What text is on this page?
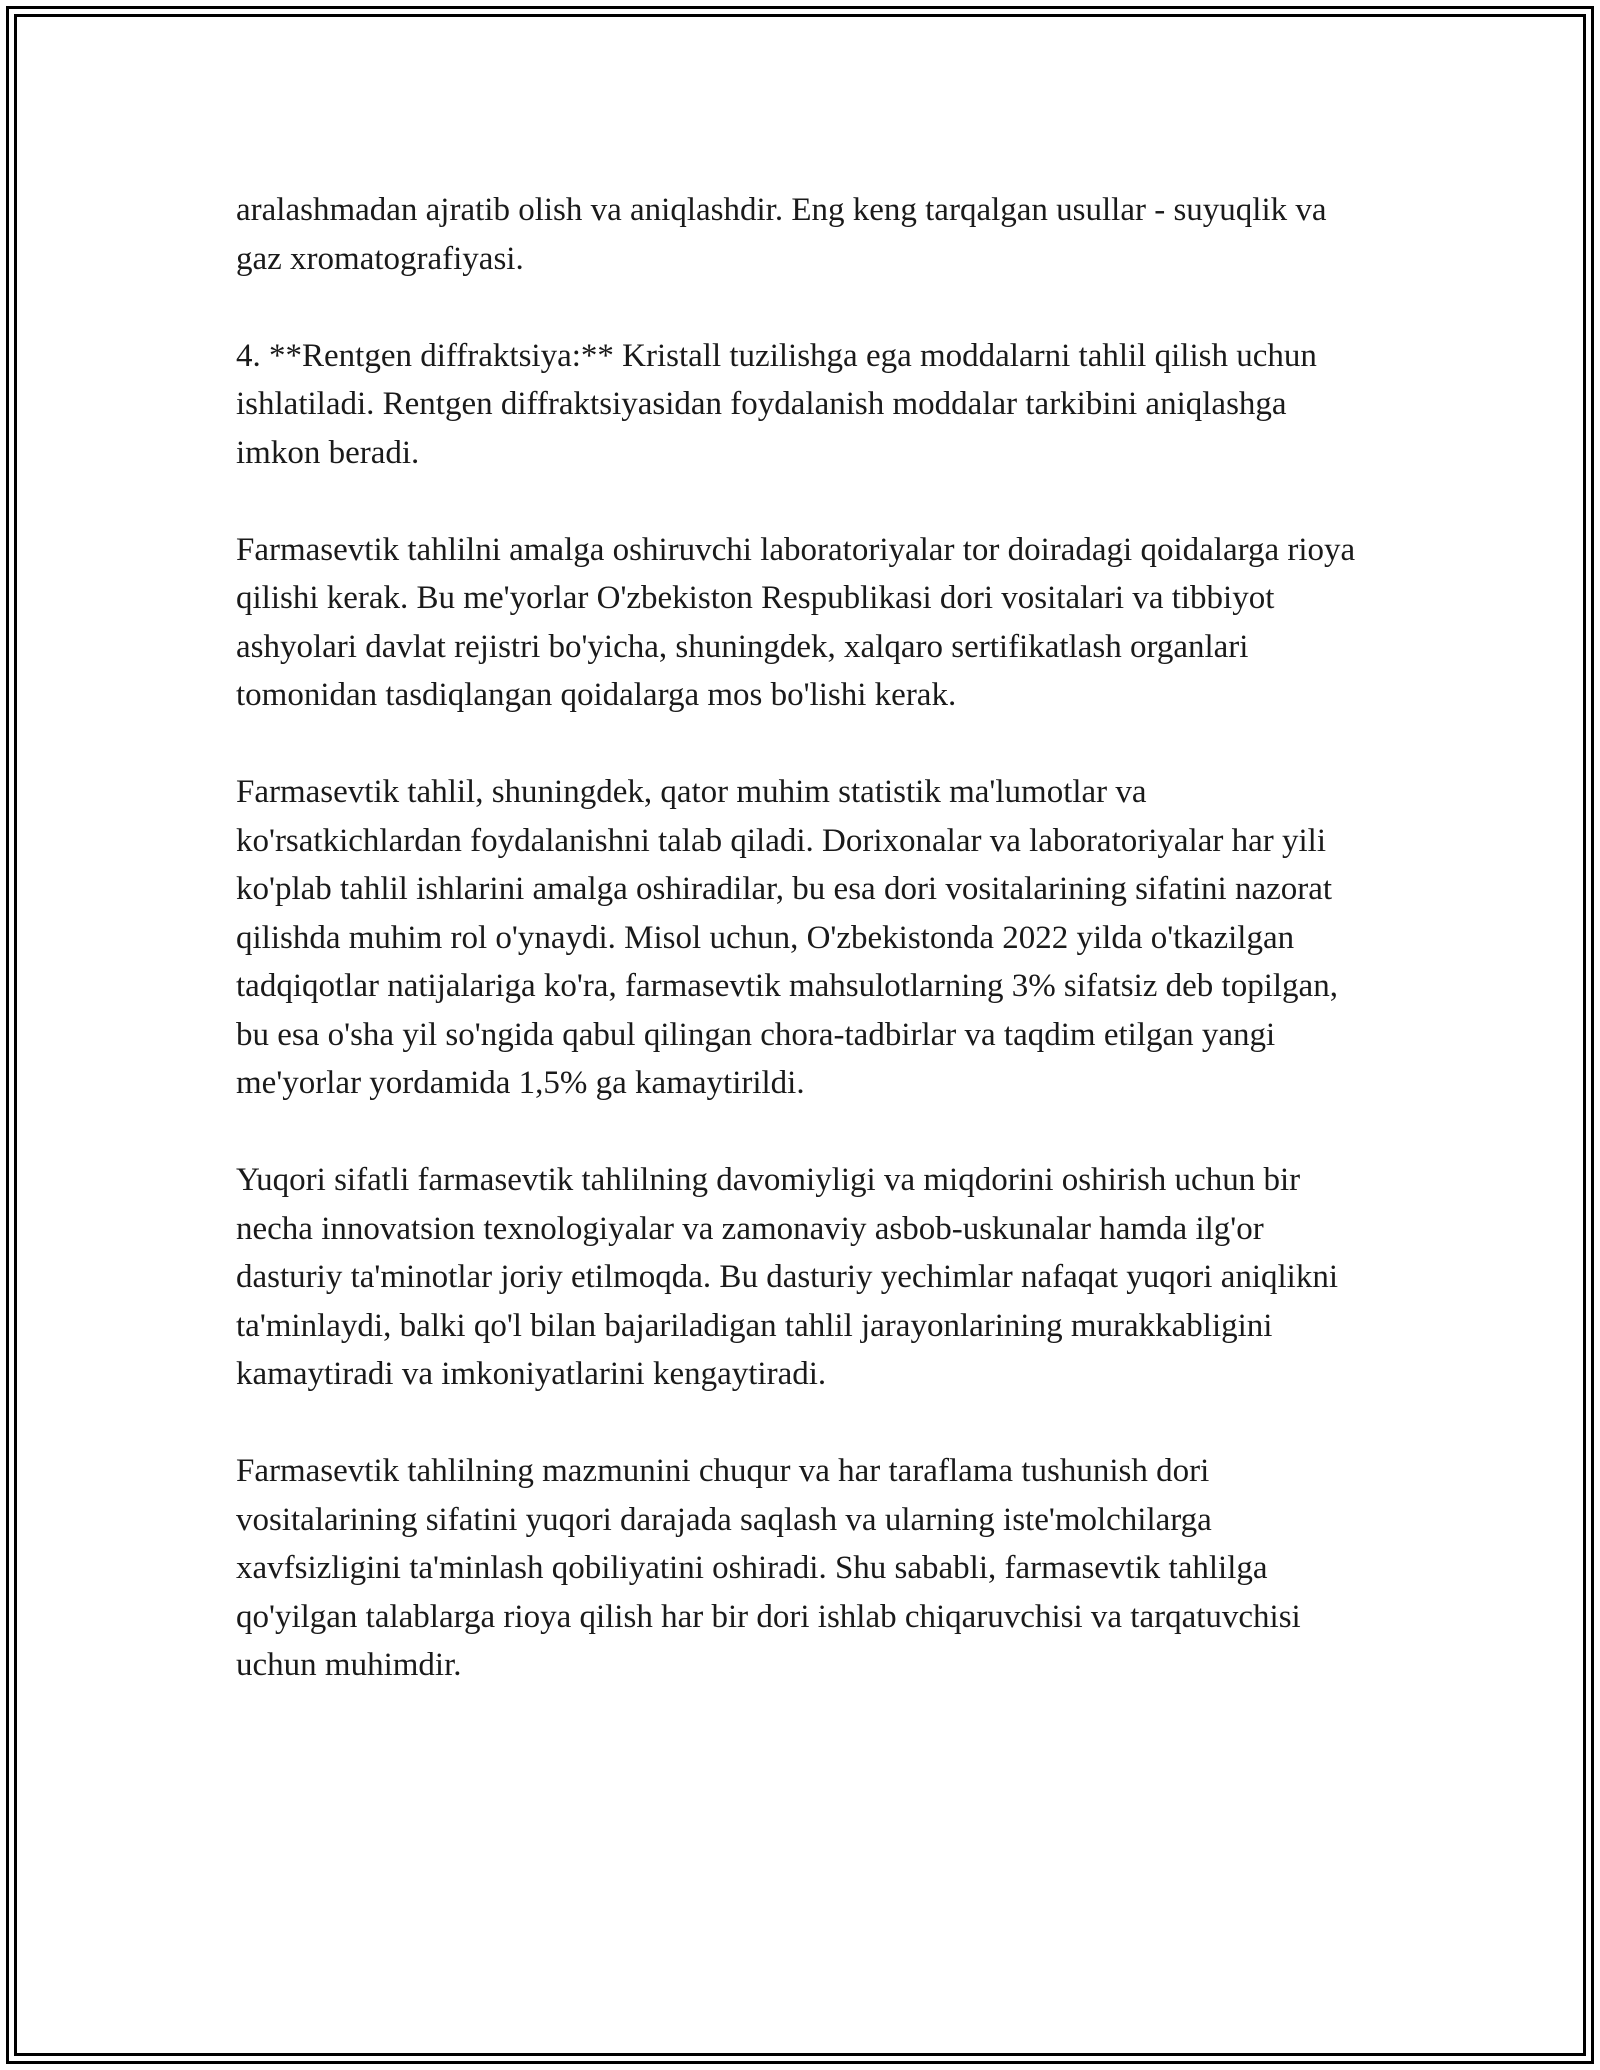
aralashmadan ajratib olish va aniqlashdir. Eng keng tarqalgan usullar - suyuqlik va gaz xromatografiyasi.

4. **Rentgen diffraktsiya:** Kristall tuzilishga ega moddalarni tahlil qilish uchun ishlatiladi. Rentgen diffraktsiyasidan foydalanish moddalar tarkibini aniqlashga imkon beradi.

Farmasevtik tahlilni amalga oshiruvchi laboratoriyalar tor doiradagi qoidalarga rioya qilishi kerak. Bu me'yorlar O'zbekiston Respublikasi dori vositalari va tibbiyot ashyolari davlat rejistri bo'yicha, shuningdek, xalqaro sertifikatlash organlari tomonidan tasdiqlangan qoidalarga mos bo'lishi kerak.

Farmasevtik tahlil, shuningdek, qator muhim statistik ma'lumotlar va ko'rsatkichlardan foydalanishni talab qiladi. Dorixonalar va laboratoriyalar har yili ko'plab tahlil ishlarini amalga oshiradilar, bu esa dori vositalarining sifatini nazorat qilishda muhim rol o'ynaydi. Misol uchun, O'zbekistonda 2022 yilda o'tkazilgan tadqiqotlar natijalariga ko'ra, farmasevtik mahsulotlarning 3% sifatsiz deb topilgan, bu esa o'sha yil so'ngida qabul qilingan chora-tadbirlar va taqdim etilgan yangi me'yorlar yordamida 1,5% ga kamaytirildi.

Yuqori sifatli farmasevtik tahlilning davomiyligi va miqdorini oshirish uchun bir necha innovatsion texnologiyalar va zamonaviy asbob-uskunalar hamda ilg'or dasturiy ta'minotlar joriy etilmoqda. Bu dasturiy yechimlar nafaqat yuqori aniqlikni ta'minlaydi, balki qo'l bilan bajariladigan tahlil jarayonlarining murakkabligini kamaytiradi va imkoniyatlarini kengaytiradi.

Farmasevtik tahlilning mazmunini chuqur va har taraflama tushunish dori vositalarining sifatini yuqori darajada saqlash va ularning iste'molchilarga xavfsizligini ta'minlash qobiliyatini oshiradi. Shu sababli, farmasevtik tahlilga qo'yilgan talablarga rioya qilish har bir dori ishlab chiqaruvchisi va tarqatuvchisi uchun muhimdir.
